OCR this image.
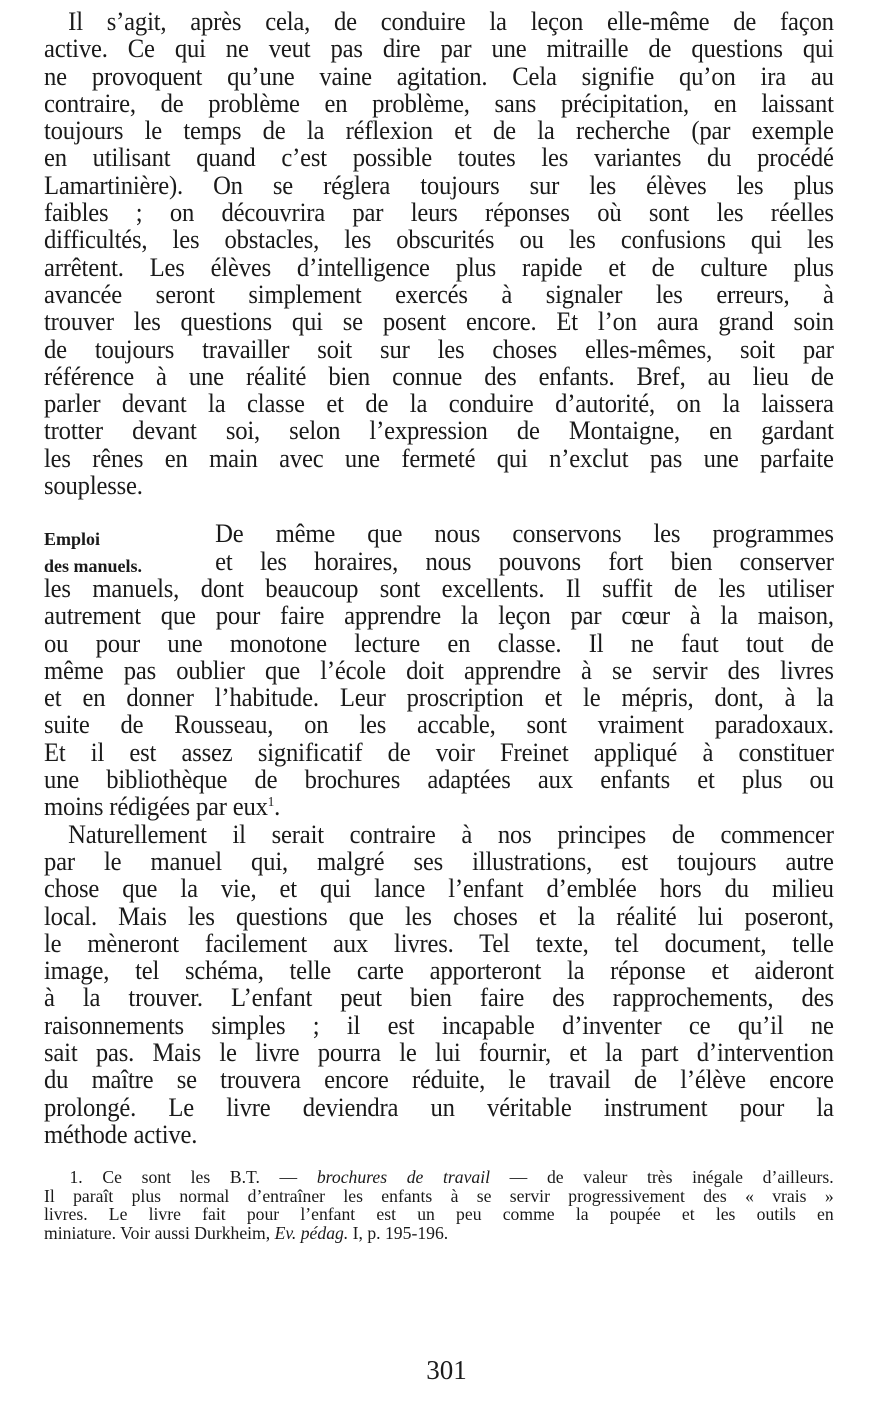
Il s’agit, après cela, de conduire la leçon elle-même de façon
active. Ce qui ne veut pas dire par une mitraille de questions qui
ne provoquent qu’une vaine agitation. Cela signifie qu’on ira au
contraire, de problème en problème, sans précipitation, en laissant
toujours le temps de la réflexion et de la recherche (par exemple
en utilisant quand c’est possible toutes les variantes du procédé
Lamartinière). On se réglera toujours sur les élèves les plus
faibles ; on découvrira par leurs réponses où sont les réelles
difficultés, les obstacles, les obscurités ou les confusions qui les
arrêtent. Les élèves d’intelligence plus rapide et de culture plus
avancée seront simplement exercés à signaler les erreurs, à
trouver les questions qui se posent encore. Et l’on aura grand soin
de toujours travailler soit sur les choses elles-mêmes, soit par
référence à une réalité bien connue des enfants. Bref, au lieu de
parler devant la classe et de la conduire d’autorité, on la laissera
trotter devant soi, selon l’expression de Montaigne, en gardant
les rênes en main avec une fermeté qui n’exclut pas une parfaite
souplesse.
Emploi
des manuels.
De même que nous conservons les programmes
et les horaires, nous pouvons fort bien conserver
les manuels, dont beaucoup sont excellents. Il suffit de les utiliser
autrement que pour faire apprendre la leçon par cœur à la maison,
ou pour une monotone lecture en classe. Il ne faut tout de
même pas oublier que l’école doit apprendre à se servir des livres
et en donner l’habitude. Leur proscription et le mépris, dont, à la
suite de Rousseau, on les accable, sont vraiment paradoxaux.
Et il est assez significatif de voir Freinet appliqué à constituer
une bibliothèque de brochures adaptées aux enfants et plus ou
moins rédigées par eux$^1$.
Naturellement il serait contraire à nos principes de commencer
par le manuel qui, malgré ses illustrations, est toujours autre
chose que la vie, et qui lance l’enfant d’emblée hors du milieu
local. Mais les questions que les choses et la réalité lui poseront,
le mèneront facilement aux livres. Tel texte, tel document, telle
image, tel schéma, telle carte apporteront la réponse et aideront
à la trouver. L’enfant peut bien faire des rapprochements, des
raisonnements simples ; il est incapable d’inventer ce qu’il ne
sait pas. Mais le livre pourra le lui fournir, et la part d’intervention
du maître se trouvera encore réduite, le travail de l’élève encore
prolongé. Le livre deviendra un véritable instrument pour la
méthode active.
1. Ce sont les B.T. — brochures de travail — de valeur très inégale d’ailleurs.
Il paraît plus normal d’entraîner les enfants à se servir progressivement des « vrais »
livres. Le livre fait pour l’enfant est un peu comme la poupée et les outils en
miniature. Voir aussi Durkheim, Ev. pédag. I, p. 195-196.
301
